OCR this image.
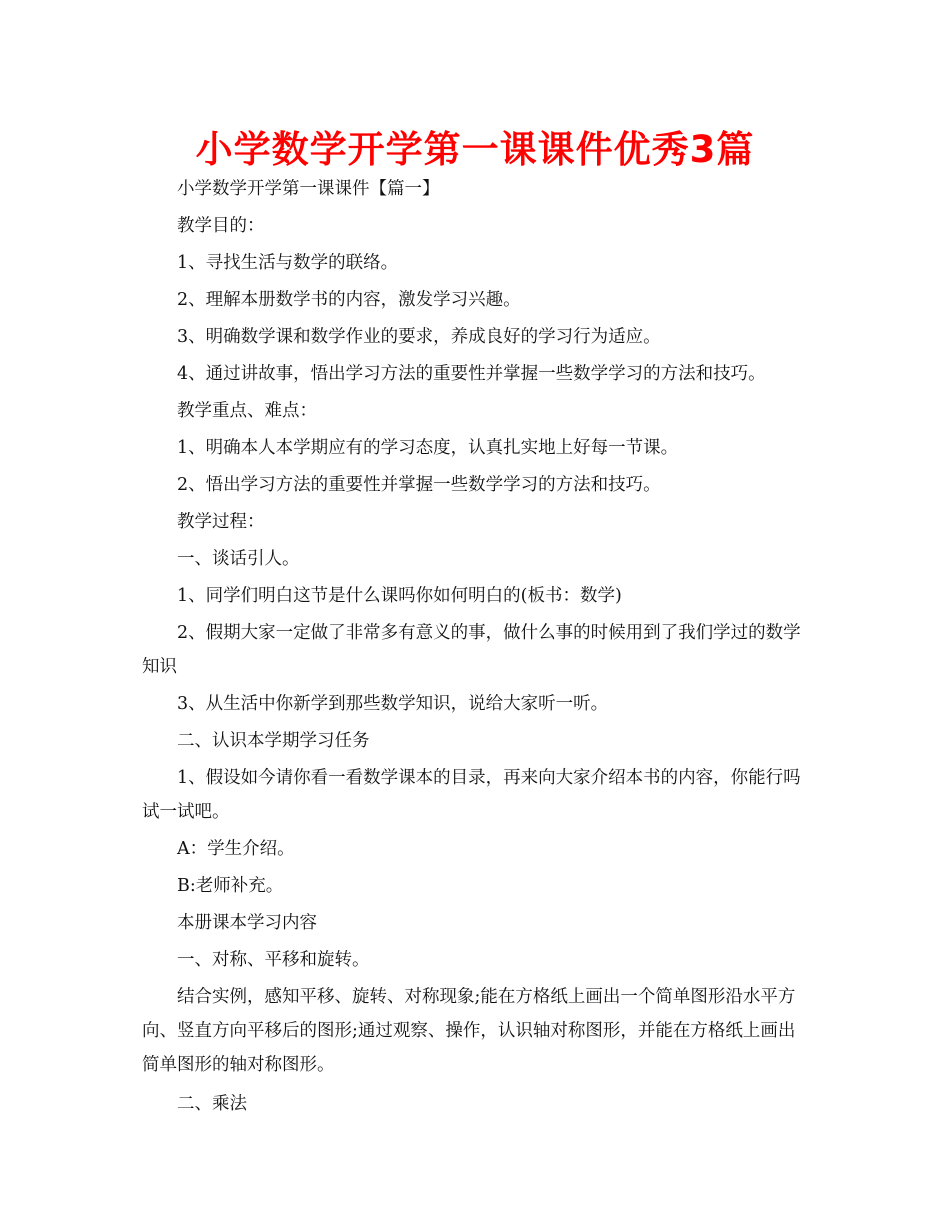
小学数学开学第一课课件优秀3篇

小学数学开学第一课课件【篇一】

教学目的：

1、寻找生活与数学的联络。

2、理解本册数学书的内容，激发学习兴趣。

3、明确数学课和数学作业的要求，养成良好的学习行为适应。

4、通过讲故事，悟出学习方法的重要性并掌握一些数学学习的方法和技巧。

教学重点、难点：

1、明确本人本学期应有的学习态度，认真扎实地上好每一节课。

2、悟出学习方法的重要性并掌握一些数学学习的方法和技巧。

教学过程：

一、谈话引人。

1、同学们明白这节是什么课吗你如何明白的(板书：数学)

2、假期大家一定做了非常多有意义的事，做什么事的时候用到了我们学过的数学知识

3、从生活中你新学到那些数学知识，说给大家听一听。

二、认识本学期学习任务

1、假设如今请你看一看数学课本的目录，再来向大家介绍本书的内容，你能行吗试一试吧。

A：学生介绍。

B:老师补充。

本册课本学习内容

一、对称、平移和旋转。

结合实例，感知平移、旋转、对称现象;能在方格纸上画出一个简单图形沿水平方向、竖直方向平移后的图形;通过观察、操作，认识轴对称图形，并能在方格纸上画出简单图形的轴对称图形。

二、乘法
